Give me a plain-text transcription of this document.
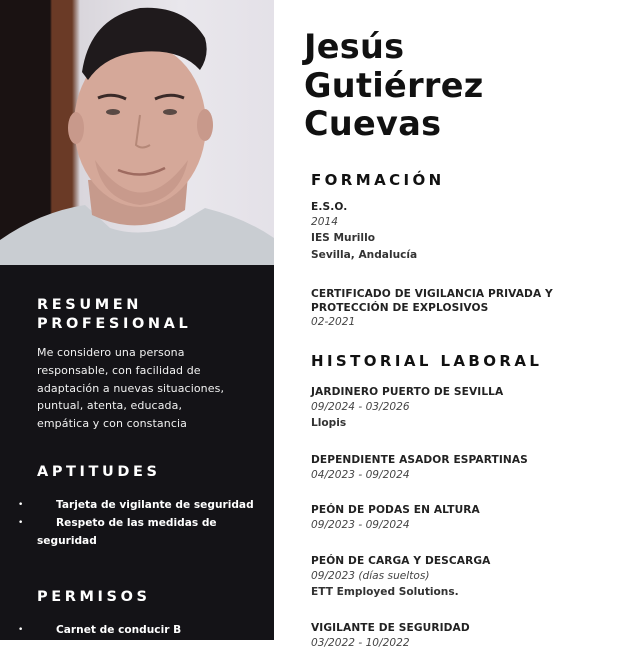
RESUMEN
PROFESIONAL
Me considero una persona
responsable, con facilidad de
adaptación a nuevas situaciones,
puntual, atenta, educada,
empática y con constancia
APTITUDES
• Tarjeta de vigilante de seguridad
• Respeto de las medidas de seguridad
PERMISOS
• Carnet de conducir B
• Coche propio
Jesús
Gutiérrez
Cuevas
FORMACIÓN
E.S.O.
2014
IES Murillo
Sevilla, Andalucía
CERTIFICADO DE VIGILANCIA PRIVADA Y
PROTECCIÓN DE EXPLOSIVOS
02-2021
HISTORIAL LABORAL
JARDINERO PUERTO DE SEVILLA
09/2024 - 03/2026
Llopis
DEPENDIENTE ASADOR ESPARTINAS
04/2023 - 09/2024
PEÓN DE PODAS EN ALTURA
09/2023 - 09/2024
PEÓN DE CARGA Y DESCARGA
09/2023 (días sueltos)
ETT Employed Solutions.
VIGILANTE DE SEGURIDAD
03/2022 - 10/2022
